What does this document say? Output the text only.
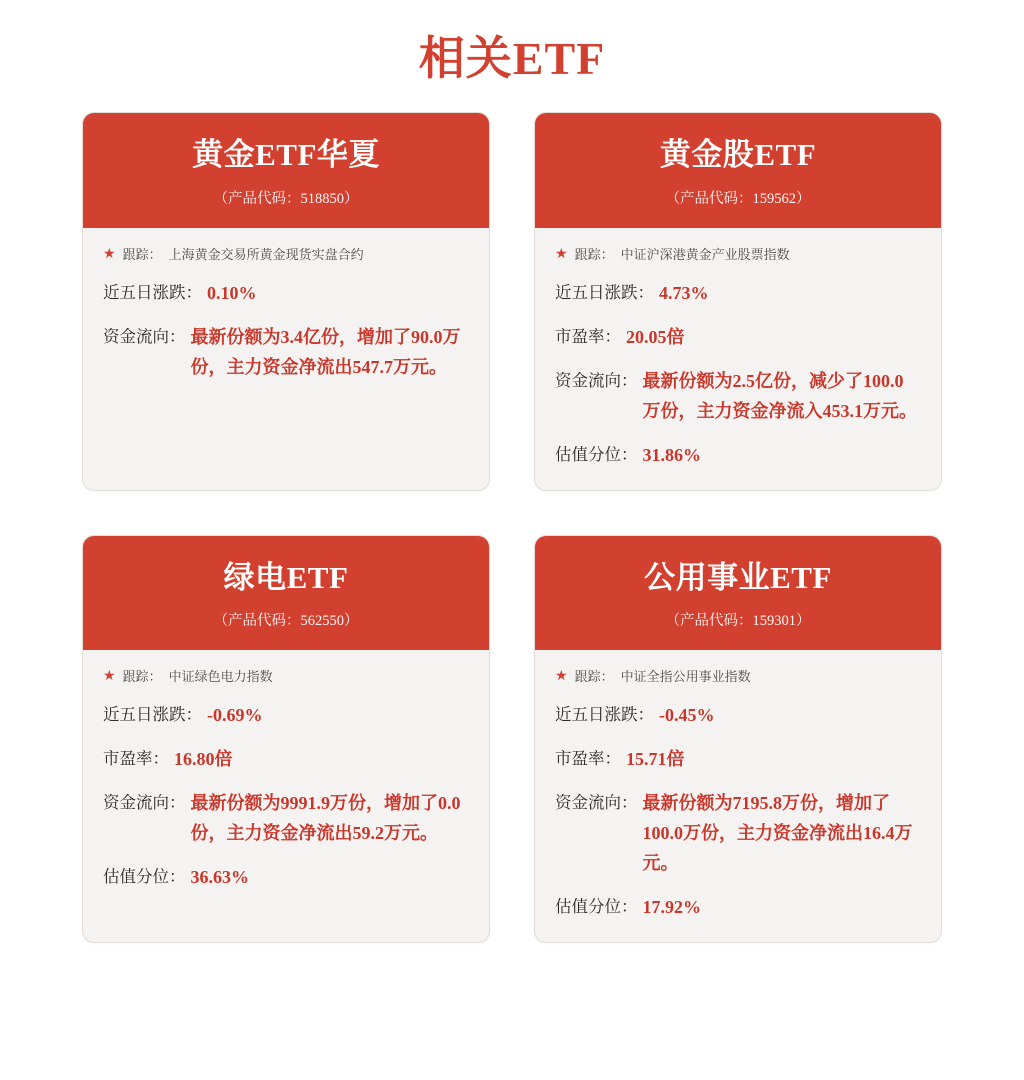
相关ETF
黄金ETF华夏
（产品代码：518850）
★ 跟踪： 上海黄金交易所黄金现货实盘合约
近五日涨跌： 0.10%
资金流向： 最新份额为3.4亿份，增加了90.0万份，主力资金净流出547.7万元。
黄金股ETF
（产品代码：159562）
★ 跟踪： 中证沪深港黄金产业股票指数
近五日涨跌： 4.73%
市盈率： 20.05倍
资金流向： 最新份额为2.5亿份，减少了100.0万份，主力资金净流入453.1万元。
估值分位： 31.86%
绿电ETF
（产品代码：562550）
★ 跟踪： 中证绿色电力指数
近五日涨跌： -0.69%
市盈率： 16.80倍
资金流向： 最新份额为9991.9万份，增加了0.0份，主力资金净流出59.2万元。
估值分位： 36.63%
公用事业ETF
（产品代码：159301）
★ 跟踪： 中证全指公用事业指数
近五日涨跌： -0.45%
市盈率： 15.71倍
资金流向： 最新份额为7195.8万份，增加了100.0万份，主力资金净流出16.4万元。
估值分位： 17.92%
